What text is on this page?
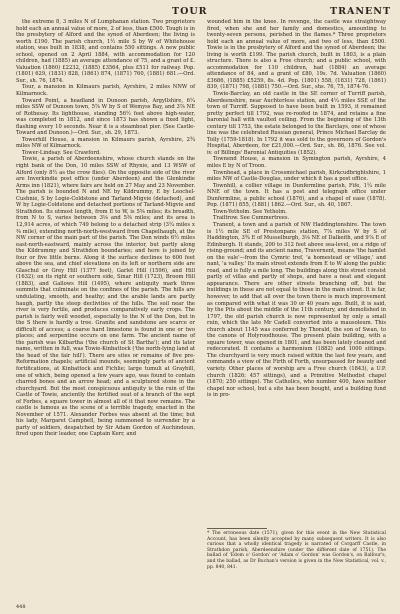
TOUR	TRANENT

the extreme 8, 3 miles N of Lumphanan station. Two proprietors hold each an annual value of more, 2 of less, than £500. Tough is in the presbytery of Alford and the synod of Aberdeen; the living is worth £190. The parish church, 1½ mile S by W of Whitehouse station, was built in 1838, and contains 550 sittings. A new public school, opened on 2 April 1884, with accommodation for 120 children, had (1885) an average attendance of 75, and a grant of £. Valuation (1860) £2232, (1885) £3564, plus £511 for railway. Pop. (1801) 629, (1831) 828, (1861) 874, (1871) 760, (1881) 681.—Ord. Sur., sh. 76, 1874.

Tour, a mansion in Kilmaurs parish, Ayrshire, 2 miles NNW of Kilmarnock.

Toward Point, a headland in Dunoon parish, Argyllshire, 6¼ miles SSW of Dunoon town, 5⅞ W by S of Wemyss Bay, and 3⅞ NE of Rothesay. Its lighthouse, standing 56½ feet above high-water, was completed in 1812, and since 1873 has shown a fixed light, flashing every 10 seconds. Near it is a steamboat pier. (See Castle-Toward and Dunoon.)—Ord. Sur., sh. 29, 1873.

Towerhill House, a mansion in Kilmaurs parish, Ayrshire, 2¾ miles NW of Kilmarnock.

Tower-Lindsay. See Crawford.

Towie, a parish of Aberdeenshire, whose church stands on the right bank of the Don, 10 miles SSW of Rhynie, and 13 WSW of Alford (only 8½ as the crow flies). On the opposite side of the river are Inverkindie post office (under Aberdeen) and the Glenkindie Arms inn (1821), where fairs are held on 27 May and 23 November. The parish is bounded N and NE by Kildrummy, E by Leochel-Cushnie, S by Logie-Coldstone and Tarland-Migvie (detached), and W by Logie-Coldstone and detached portions of Tarland-Migvie and Strathdon. Its utmost length, from E to W, is 5⅝ miles; its breadth, from N to S, varies between 3⅛ and 5⅜ miles; and its area is 12,914 acres, of which 749 belong to a detached strip (3¼ miles x ⅜ mile), extending north-north-westward from Chapelhaugh, at the NW corner of the main part of the parish. The Don winds 6½ miles east-north-eastward, mainly across the interior, but partly along the Kildrummy and Strathdon boundaries; and here is joined by four or five little burns. Along it the surface declines to 600 feet above the sea, and chief elevations on its left or northern side are Glaschul or Grey Hill (1377 feet), Garlet Hill (1596), and Hill (1632); on its right or southern side, Sinar Hill (1723), Broom Hill (1883), and Gallows Hill (1495), where antiquity mark three summits that culminate on the confines of the parish. The hills are undulating, smooth, and heathy; and the arable lands are partly haugh, partly the steep declivities of the hills. The soil near the river is very fertile, and produces comparatively early crops. The parish is fairly well wooded, especially to the N of the Don, but in the S there is hardly a tree. Granite and sandstone are scarce or difficult of access; a coarse hard limestone is found in one or two places; and serpentine occurs on one farm. The ancient name of the parish was Kilbartha ('the church of St Bartha'); and its later name, written in full, was Towie-Kinbattock ('the north-lying land at the head of the fair hill'). There are sites or remains of five pre-Reformation chapels; artificial mounds, seemingly parts of ancient fortifications, at Kinbattock and Fichlie; large tumuli at Graybill, one of which, being opened a few years ago, was found to contain charred bones and an arrow head; and a sculptured stone in the churchyard. But the most conspicuous antiquity is the ruin of the Castle of Towie, anciently the fortified seat of a branch of the sept of Forbes, a square tower in almost all of it that now remains. The castle is famous as the scene of a terrible tragedy, enacted in the November of 1571. Alexander Forbes was absent at the time; but his lady, Margaret Campbell, being summoned to surrender by a party of soldiers, despatched by Sir Adam Gordon of Auchindoun, fired upon their leader, one Captain Kerr, and

wounded him in the knee. In revenge, the castle was straightway fired, when she and her family and domestics, amounting to twenty-seven persons, perished in the flames.* Three proprietors hold each an annual value of more, and two of less, than £500. Towie is in the presbytery of Alford and the synod of Aberdeen; the living is worth £199. The parish church, built in 1803, is a plain structure. There is also a Free church; and a public school, with accommodation for 110 children, had (1884) an average attendance of 84, and a grant of £80, 19s. 7d. Valuation (1860) £3686, (1885) £5259, 8s. 4d. Pop. (1801) 558, (1831) 728, (1861) 839, (1871) 798, (1881) 750.—Ord. Sur., shs. 76, 75, 1874-76.

Towie-Barclay, an old castle in the SE corner of Turriff parish, Aberdeenshire, near Auchterless station, and 4¼ miles SSE of the town of Turriff. Supposed to have been built in 1593, it remained pretty perfect till 1792, was re-roofed in 1874, and retains a fine baronial hall with vaulted ceiling. From the beginning of the 13th century till 1753, the estate belonged to the Barclays, one of whose line was the celebrated Russian general, Prince Michael Barclay de Tolly (1759-1818). In 1792 it was sold to the governors of Gordon's Hospital, Aberdeen, for £21,000.—Ord. Sur., sh. 86, 1876. See vol. iv. of Billings' Baronial Antiquities (1852).

Townend House, a mansion in Symington parish, Ayrshire, 4 miles E by N of Troon.

Townhead, a place in Crossmichael parish, Kirkcudbrightshire, 1 miles NW of Castle-Douglas, under which it has a post office.

Townhill, a collier village in Dunfermline parish, Fife, 1¼ mile NNE of the town. It has a post and telegraph office under Dunfermline, a public school (1876), and a chapel of ease (1878). Pop. (1871) 855, (1881) 1862.—Ord. Sur., sh. 40, 1867.

Town-Yetholm. See Yetholm.

Trailtrow. See Cummertrees.

Tranent, a town and a parish of NW Haddingtonshire. The town is 1½ mile SE of Prestonpans station, 7⅞ miles W by S of Haddington, 3¾ E of Musselburgh, 3⅛ NE of Dalkeith, and 9⅞ E of Edinburgh. It stands, 200 to 312 feet above sea-level, on a ridge of rising-ground; and its ancient name, Travernent, means 'the hamlet on the vale'—from the Cymric tref, 'a homestead or village,' and nant, 'a valley.' Its main street extends from E to W along the public road, and is fully a mile long. The buildings along this street consist partly of villas and partly of shops, and have a neat and elegant appearance. There are other streets branching off, but the buildings in these are not equal to those in the main street. It is far, however, to add that all over the town there is much improvement as compared with what it was 30 or 40 years ago. Built, it is said, by the Pits about the middle of the 11th century, and demolished in 1797, the old parish church is now represented by only a small ruin, which the late Mr Cadell converted into a mausoleum. This church about 1145 was conferred by Thorald, the son of Swan, to the canons of Holyroodhouse. The present plain building, with a square tower, was opened in 1801, and has been lately cleaned and redecorated. It contains a harmonium (1882) and 1000 sittings. The churchyard is very much raised within the last few years, and commands a view of the Firth of Forth, unsurpassed for beauty and variety. Other places of worship are a Free church (1843), a U.P. church (1826; 457 sittings), and a Primitive Methodist chapel (1870; 250 sittings). The Catholics, who number 400, have neither chapel nor school, but a site has been bought, and a building fund is in pro-

* The erroneous date (1571), given for this event in the New Statistical Account, has been silently accepted by many subsequent writers. It is also curious that a wholly identical tragedy is narrated of Corgarff Castle, in Strathdon parish, Aberdeenshire (under the different date of 1751). The ballad of 'Edom o' Gordon' or 'Adam o' Gordon' was Gordon's, on Balfour's, and the ballad, as Dr Buchan's version is given in the New Statistical, vol. v., pp. 840, 841.
448
